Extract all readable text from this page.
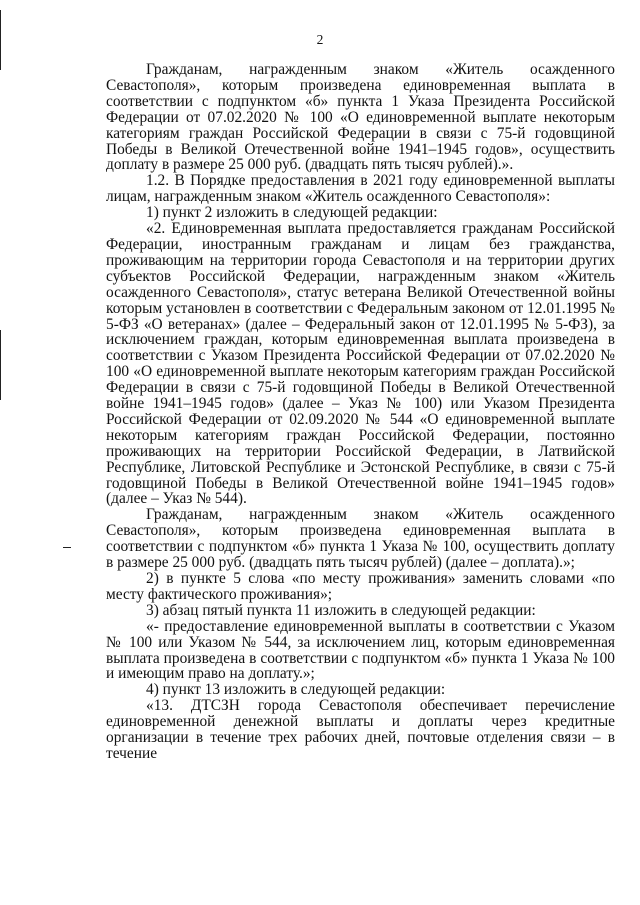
2

Гражданам, награжденным знаком «Житель осажденного Севастополя», которым произведена единовременная выплата в соответствии с подпунктом «б» пункта 1 Указа Президента Российской Федерации от 07.02.2020 № 100 «О единовременной выплате некоторым категориям граждан Российской Федерации в связи с 75-й годовщиной Победы в Великой Отечественной войне 1941–1945 годов», осуществить доплату в размере 25 000 руб. (двадцать пять тысяч рублей).».

1.2. В Порядке предоставления в 2021 году единовременной выплаты лицам, награжденным знаком «Житель осажденного Севастополя»:

1) пункт 2 изложить в следующей редакции:

«2. Единовременная выплата предоставляется гражданам Российской Федерации, иностранным гражданам и лицам без гражданства, проживающим на территории города Севастополя и на территории других субъектов Российской Федерации, награжденным знаком «Житель осажденного Севастополя», статус ветерана Великой Отечественной войны которым установлен в соответствии с Федеральным законом от 12.01.1995 № 5-ФЗ «О ветеранах» (далее – Федеральный закон от 12.01.1995 № 5-ФЗ), за исключением граждан, которым единовременная выплата произведена в соответствии с Указом Президента Российской Федерации от 07.02.2020 № 100 «О единовременной выплате некоторым категориям граждан Российской Федерации в связи с 75-й годовщиной Победы в Великой Отечественной войне 1941–1945 годов» (далее – Указ № 100) или Указом Президента Российской Федерации от 02.09.2020 № 544 «О единовременной выплате некоторым категориям граждан Российской Федерации, постоянно проживающих на территории Российской Федерации, в Латвийской Республике, Литовской Республике и Эстонской Республике, в связи с 75-й годовщиной Победы в Великой Отечественной войне 1941–1945 годов» (далее – Указ № 544).

Гражданам, награжденным знаком «Житель осажденного Севастополя», которым произведена единовременная выплата в соответствии с подпунктом «б» пункта 1 Указа № 100, осуществить доплату в размере 25 000 руб. (двадцать пять тысяч рублей) (далее – доплата).»;

2) в пункте 5 слова «по месту проживания» заменить словами «по месту фактического проживания»;

3) абзац пятый пункта 11 изложить в следующей редакции:

«- предоставление единовременной выплаты в соответствии с Указом № 100 или Указом № 544, за исключением лиц, которым единовременная выплата произведена в соответствии с подпунктом «б» пункта 1 Указа № 100 и имеющим право на доплату.»;

4) пункт 13 изложить в следующей редакции:

«13. ДТСЗН города Севастополя обеспечивает перечисление единовременной денежной выплаты и доплаты через кредитные организации в течение трех рабочих дней, почтовые отделения связи – в течение
